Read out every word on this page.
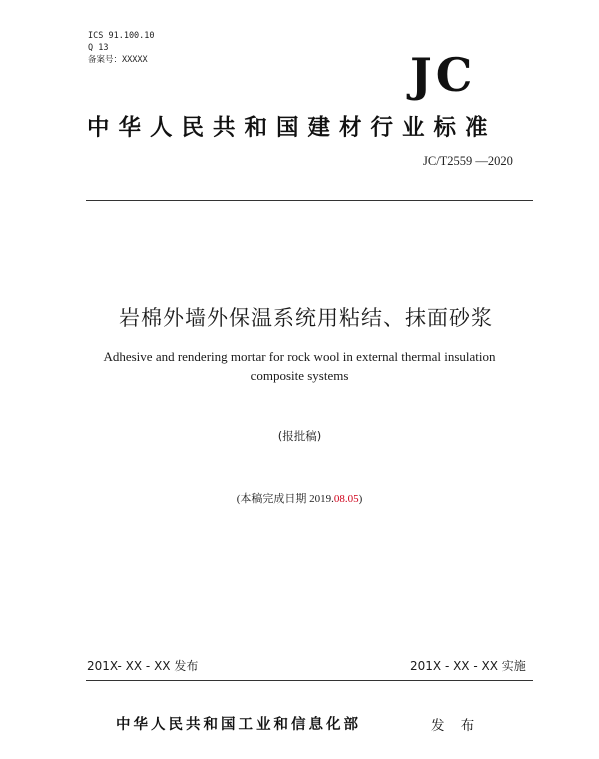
ICS 91.100.10
Q 13
备案号：XXXXX	JC
中华人民共和国建材行业标准
JC/T2559 —2020
岩棉外墙外保温系统用粘结、抹面砂浆
Adhesive and rendering mortar for rock wool in external thermal insulation
composite systems
(报批稿)
(本稿完成日期 2019.08.05)
201X- XX - XX 发布	201X - XX - XX 实施
中华人民共和国工业和信息化部	发 布
